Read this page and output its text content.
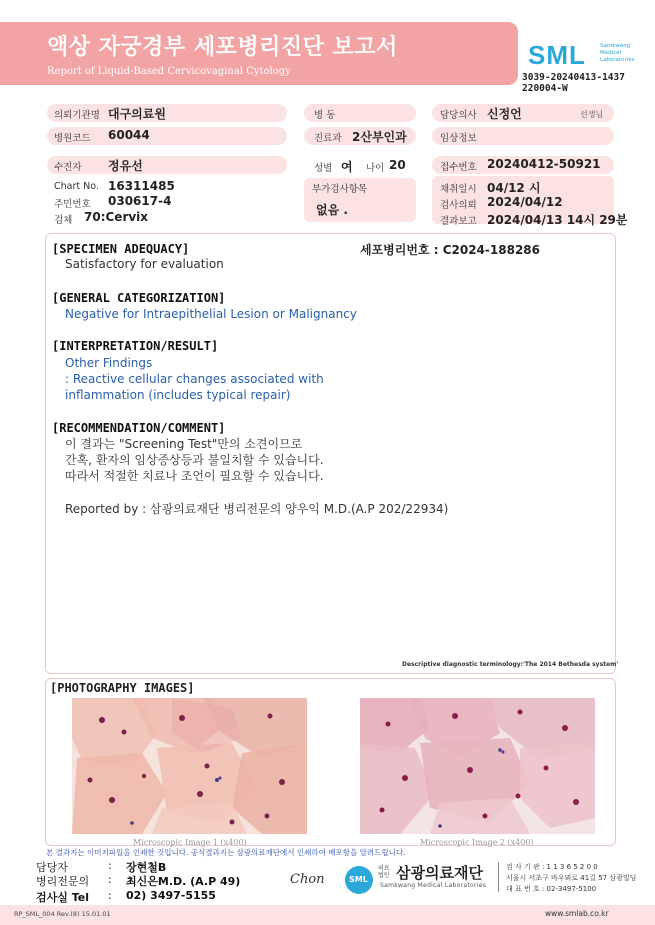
액상 자궁경부 세포병리진단 보고서
Report of Liquid-Based Cervicovaginal Cytology
SML	Samkwang
Medical
Laboratories
3039-20240413-1437
220004-W
의뢰기관명 대구의료원
병원코드 60044
수진자 정유선
Chart No. 16311485
주민번호 030617-4
검체 70:Cervix
병 동
진료과 2산부인과
성별 여 나이 20
부가검사항목
없음 .
담당의사 신정언	선생님
임상정보
접수번호 20240412-50921
채취일시 04/12 시
검사의뢰 2024/04/12
결과보고 2024/04/13 14시 29분
[SPECIMEN ADEQUACY]	세포병리번호 : C2024-188286
Satisfactory for evaluation
[GENERAL CATEGORIZATION]
Negative for Intraepithelial Lesion or Malignancy
[INTERPRETATION/RESULT]
Other Findings
: Reactive cellular changes associated with
inflammation (includes typical repair)
[RECOMMENDATION/COMMENT]
이 결과는 "Screening Test"만의 소견이므로
간혹, 환자의 임상증상등과 불일치할 수 있습니다.
따라서 적절한 치료나 조언이 필요할 수 있습니다.
Reported by : 삼광의료재단 병리전문의 양우익 M.D.(A.P 202/22934)
Descriptive diagnostic terminology:'The 2014 Bethesda system'
[PHOTOGRAPHY IMAGES]
Microscopic Image 1 (x400)	Microscopic Image 2 (x400)
본 결과지는 이미지파일을 인쇄한 것입니다. 공식결과지는 삼광의료재단에서 인쇄하여 배포함을 알려드립니다.
담당자	: 장현철B
병리전문의 : 최신은M.D. (A.P 49)
검사실 Tel : 02) 3497-5155
Chon	SML
의료
법인 삼광의료재단
Samkwang Medical Laboratories
검 사 기 관 : 1 1 3 6 5 2 0 0
서울시 서초구 바우뫼로 41길 57 삼광빌딩
대 표 번 호 : 02-3497-5100
RP_SML_004 Rev.(8) 15.01.01	www.smlab.co.kr
